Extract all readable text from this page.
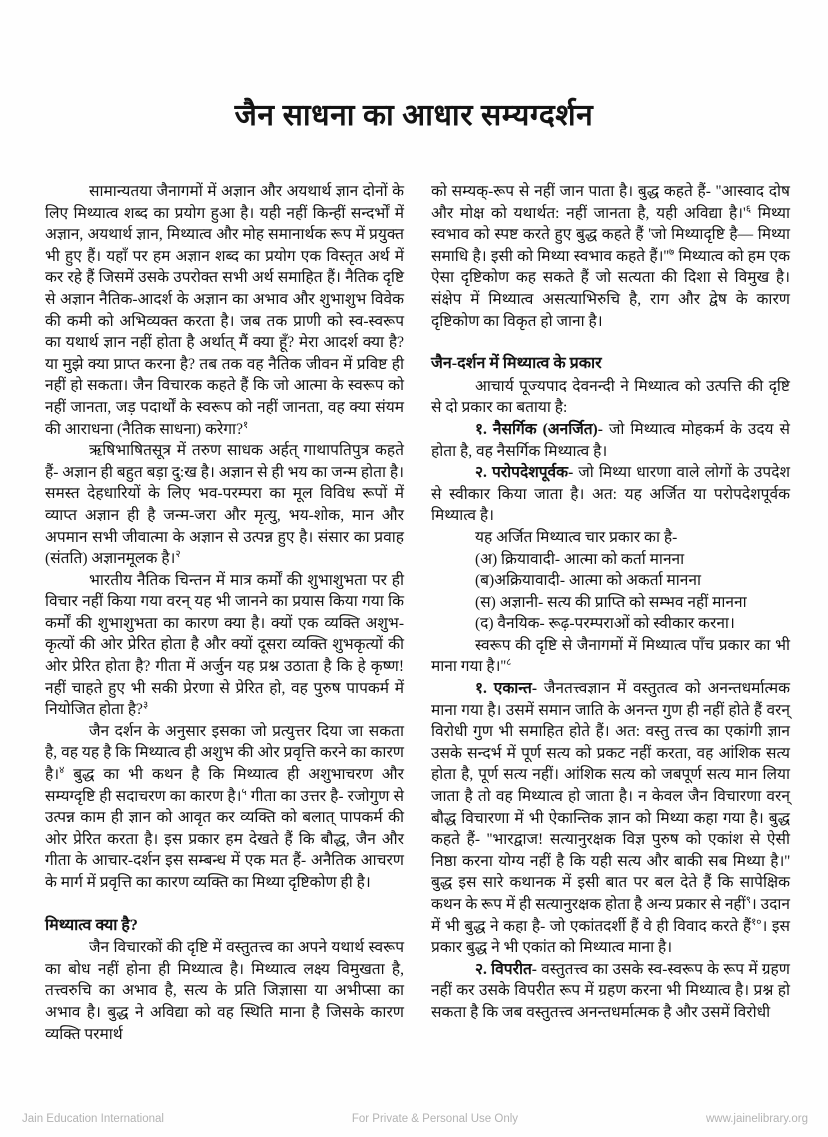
जैन साधना का आधार सम्यग्दर्शन

सामान्यतया जैनागमों में अज्ञान और अयथार्थ ज्ञान दोनों के लिए मिथ्यात्व शब्द का प्रयोग हुआ है। यही नहीं किन्हीं सन्दर्भों में अज्ञान, अयथार्थ ज्ञान, मिथ्यात्व और मोह समानार्थक रूप में प्रयुक्त भी हुए हैं। यहाँ पर हम अज्ञान शब्द का प्रयोग एक विस्तृत अर्थ में कर रहे हैं जिसमें उसके उपरोक्त सभी अर्थ समाहित हैं। नैतिक दृष्टि से अज्ञान नैतिक-आदर्श के अज्ञान का अभाव और शुभाशुभ विवेक की कमी को अभिव्यक्त करता है। जब तक प्राणी को स्व-स्वरूप का यथार्थ ज्ञान नहीं होता है अर्थात् मैं क्या हूँ? मेरा आदर्श क्या है? या मुझे क्या प्राप्त करना है? तब तक वह नैतिक जीवन में प्रविष्ट ही नहीं हो सकता। जैन विचारक कहते हैं कि जो आत्मा के स्वरूप को नहीं जानता, जड़ पदार्थों के स्वरूप को नहीं जानता, वह क्या संयम की आराधना (नैतिक साधना) करेगा?$^१$

ऋषिभाषितसूत्र में तरुण साधक अर्हत् गाथापतिपुत्र कहते हैं- अज्ञान ही बहुत बड़ा दु:ख है। अज्ञान से ही भय का जन्म होता है। समस्त देहधारियों के लिए भव-परम्परा का मूल विविध रूपों में व्याप्त अज्ञान ही है जन्म-जरा और मृत्यु, भय-शोक, मान और अपमान सभी जीवात्मा के अज्ञान से उत्पन्न हुए है। संसार का प्रवाह (संतति) अज्ञानमूलक है।$^२$

भारतीय नैतिक चिन्तन में मात्र कर्मों की शुभाशुभता पर ही विचार नहीं किया गया वरन् यह भी जानने का प्रयास किया गया कि कर्मों की शुभाशुभता का कारण क्या है। क्यों एक व्यक्ति अशुभ-कृत्यों की ओर प्रेरित होता है और क्यों दूसरा व्यक्ति शुभकृत्यों की ओर प्रेरित होता है? गीता में अर्जुन यह प्रश्न उठाता है कि हे कृष्ण! नहीं चाहते हुए भी सकी प्रेरणा से प्रेरित हो, वह पुरुष पापकर्म में नियोजित होता है?$^३$

जैन दर्शन के अनुसार इसका जो प्रत्युत्तर दिया जा सकता है, वह यह है कि मिथ्यात्व ही अशुभ की ओर प्रवृत्ति करने का कारण है।$^४$ बुद्ध का भी कथन है कि मिथ्यात्व ही अशुभाचरण और सम्यग्दृष्टि ही सदाचरण का कारण है।$^५$ गीता का उत्तर है- रजोगुण से उत्पन्न काम ही ज्ञान को आवृत कर व्यक्ति को बलात् पापकर्म की ओर प्रेरित करता है। इस प्रकार हम देखते हैं कि बौद्ध, जैन और गीता के आचार-दर्शन इस सम्बन्ध में एक मत हैं- अनैतिक आचरण के मार्ग में प्रवृत्ति का कारण व्यक्ति का मिथ्या दृष्टिकोण ही है।

मिथ्यात्व क्या है?

जैन विचारकों की दृष्टि में वस्तुतत्त्व का अपने यथार्थ स्वरूप का बोध नहीं होना ही मिथ्यात्व है। मिथ्यात्व लक्ष्य विमुखता है, तत्त्वरुचि का अभाव है, सत्य के प्रति जिज्ञासा या अभीप्सा का अभाव है। बुद्ध ने अविद्या को वह स्थिति माना है जिसके कारण व्यक्ति परमार्थ

को सम्यक्-रूप से नहीं जान पाता है। बुद्ध कहते हैं- ''आस्वाद दोष और मोक्ष को यथार्थत: नहीं जानता है, यही अविद्या $है।'^६$ मिथ्या स्वभाव को स्पष्ट करते हुए बुद्ध कहते हैं 'जो मिथ्यादृष्टि है— मिथ्या समाधि है। इसी को मिथ्या स्वभाव कहते $हैं।''^७$ मिथ्यात्व को हम एक ऐसा दृष्टिकोण कह सकते हैं जो सत्यता की दिशा से विमुख है। संक्षेप में मिथ्यात्व असत्याभिरुचि है, राग और द्वेष के कारण दृष्टिकोण का विकृत हो जाना है।

जैन-दर्शन में मिथ्यात्व के प्रकार

आचार्य पूज्यपाद देवनन्दी ने मिथ्यात्व को उत्पत्ति की दृष्टि से दो प्रकार का बताया है:

१. नैसर्गिक (अनर्जित)- जो मिथ्यात्व मोहकर्म के उदय से होता है, वह नैसर्गिक मिथ्यात्व है।

२. परोपदेशपूर्वक- जो मिथ्या धारणा वाले लोगों के उपदेश से स्वीकार किया जाता है। अत: यह अर्जित या परोपदेशपूर्वक मिथ्यात्व है।

यह अर्जित मिथ्यात्व चार प्रकार का है-

(अ) क्रियावादी- आत्मा को कर्ता मानना

(ब)अक्रियावादी- आत्मा को अकर्ता मानना

(स) अज्ञानी- सत्य की प्राप्ति को सम्भव नहीं मानना

(द) वैनयिक- रूढ़-परम्पराओं को स्वीकार करना।

स्वरूप की दृष्टि से जैनागमों में मिथ्यात्व पाँच प्रकार का भी माना गया $है।''^८$

१. एकान्त- जैनतत्त्वज्ञान में वस्तुतत्व को अनन्तधर्मात्मक माना गया है। उसमें समान जाति के अनन्त गुण ही नहीं होते हैं वरन् विरोधी गुण भी समाहित होते हैं। अत: वस्तु तत्त्व का एकांगी ज्ञान उसके सन्दर्भ में पूर्ण सत्य को प्रकट नहीं करता, वह आंशिक सत्य होता है, पूर्ण सत्य नहीं। आंशिक सत्य को जबपूर्ण सत्य मान लिया जाता है तो वह मिथ्यात्व हो जाता है। न केवल जैन विचारणा वरन् बौद्ध विचारणा में भी ऐकान्तिक ज्ञान को मिथ्या कहा गया है। बुद्ध कहते हैं- ''भारद्वाज! सत्यानुरक्षक विज्ञ पुरुष को एकांश से ऐसी निष्ठा करना योग्य नहीं है कि यही सत्य और बाकी सब मिथ्या है।'' बुद्ध इस सारे कथानक में इसी बात पर बल देते हैं कि सापेक्षिक कथन के रूप में ही सत्यानुरक्षक होता है अन्य प्रकार से नहीं$^९$। उदान में भी बुद्ध ने कहा है- जो एकांतदर्शी हैं वे ही विवाद करते हैं$^{१०}$। इस प्रकार बुद्ध ने भी एकांत को मिथ्यात्व माना है।

२. विपरीत- वस्तुतत्त्व का उसके स्व-स्वरूप के रूप में ग्रहण नहीं कर उसके विपरीत रूप में ग्रहण करना भी मिथ्यात्व है। प्रश्न हो सकता है कि जब वस्तुतत्त्व अनन्तधर्मात्मक है और उसमें विरोधी

Jain Education International	For Private & Personal Use Only	www.jainelibrary.org
